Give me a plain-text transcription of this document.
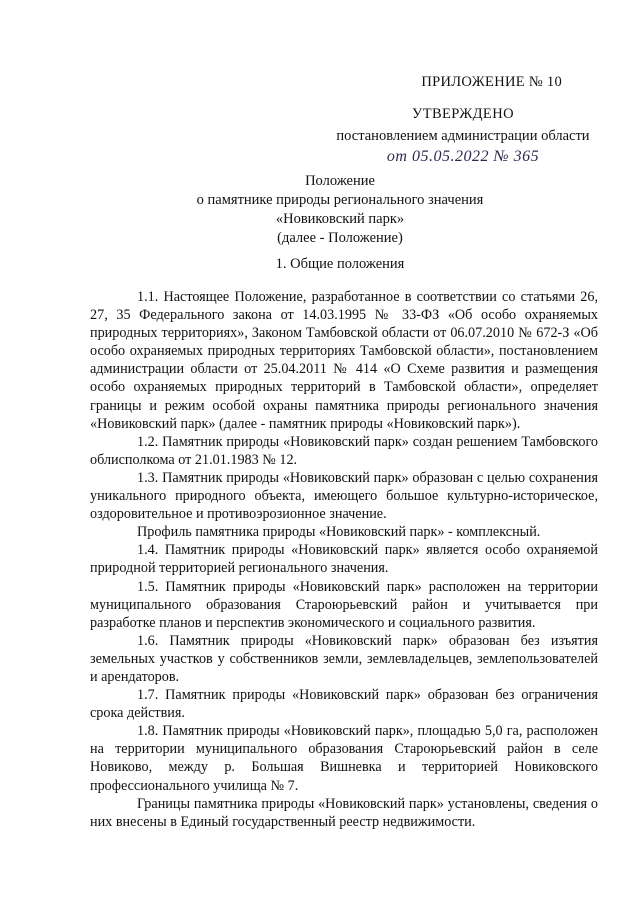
ПРИЛОЖЕНИЕ № 10
УТВЕРЖДЕНО
постановлением администрации области
от 05.05.2022 № 365
Положение
о памятнике природы регионального значения
«Новиковский парк»
(далее - Положение)
1. Общие положения

1.1. Настоящее Положение, разработанное в соответствии со статьями 26, 27, 35 Федерального закона от 14.03.1995 № 33-ФЗ «Об особо охраняемых природных территориях», Законом Тамбовской области от 06.07.2010 № 672-З «Об особо охраняемых природных территориях Тамбовской области», постановлением администрации области от 25.04.2011 № 414 «О Схеме развития и размещения особо охраняемых природных территорий в Тамбовской области», определяет границы и режим особой охраны памятника природы регионального значения «Новиковский парк» (далее - памятник природы «Новиковский парк»).

1.2. Памятник природы «Новиковский парк» создан решением Тамбовского облисполкома от 21.01.1983 № 12.

1.3. Памятник природы «Новиковский парк» образован с целью сохранения уникального природного объекта, имеющего большое культурно-историческое, оздоровительное и противоэрозионное значение.

Профиль памятника природы «Новиковский парк» - комплексный.

1.4. Памятник природы «Новиковский парк» является особо охраняемой природной территорией регионального значения.

1.5. Памятник природы «Новиковский парк» расположен на территории муниципального образования Староюрьевский район и учитывается при разработке планов и перспектив экономического и социального развития.

1.6. Памятник природы «Новиковский парк» образован без изъятия земельных участков у собственников земли, землевладельцев, землепользователей и арендаторов.

1.7. Памятник природы «Новиковский парк» образован без ограничения срока действия.

1.8. Памятник природы «Новиковский парк», площадью 5,0 га, расположен на территории муниципального образования Староюрьевский район в селе Новиково, между р. Большая Вишневка и территорией Новиковского профессионального училища № 7.

Границы памятника природы «Новиковский парк» установлены, сведения о них внесены в Единый государственный реестр недвижимости.
